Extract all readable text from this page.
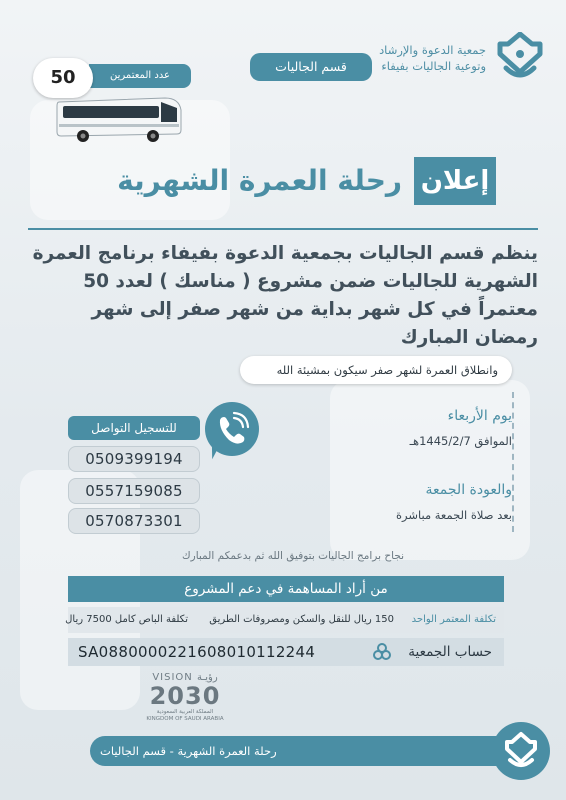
جمعية الدعوة والإرشاد
وتوعية الجاليات بفيفاء
قسم الجاليات
50	عدد المعتمرين
إعلان
رحلة العمرة الشهرية
ينظم قسم الجاليات بجمعية الدعوة بفيفاء برنامج العمرة الشهرية للجاليات ضمن مشروع ( مناسك ) لعدد 50 معتمراً في كل شهر بداية من شهر صفر إلى شهر رمضان المبارك
وانطلاق العمرة لشهر صفر سيكون بمشيئة الله
يوم الأربعاء
الموافق 1445/2/7هـ
والعودة الجمعة
بعد صلاة الجمعة مباشرة
للتسجيل التواصل
0509399194
0557159085
0570873301
نجاح برامج الجاليات بتوفيق الله ثم بدعمكم المبارك
من أراد المساهمة في دعم المشروع
تكلفة المعتمر الواحد
150 ريال للنقل والسكن ومصروفات الطريق
تكلفة الباص كامل 7500 ريال
SA0880000221608010112244	حساب الجمعية
VISION رؤيـة
2030
المملكة العربية السعودية
KINGDOM OF SAUDI ARABIA
رحلة العمرة الشهرية - قسم الجاليات
